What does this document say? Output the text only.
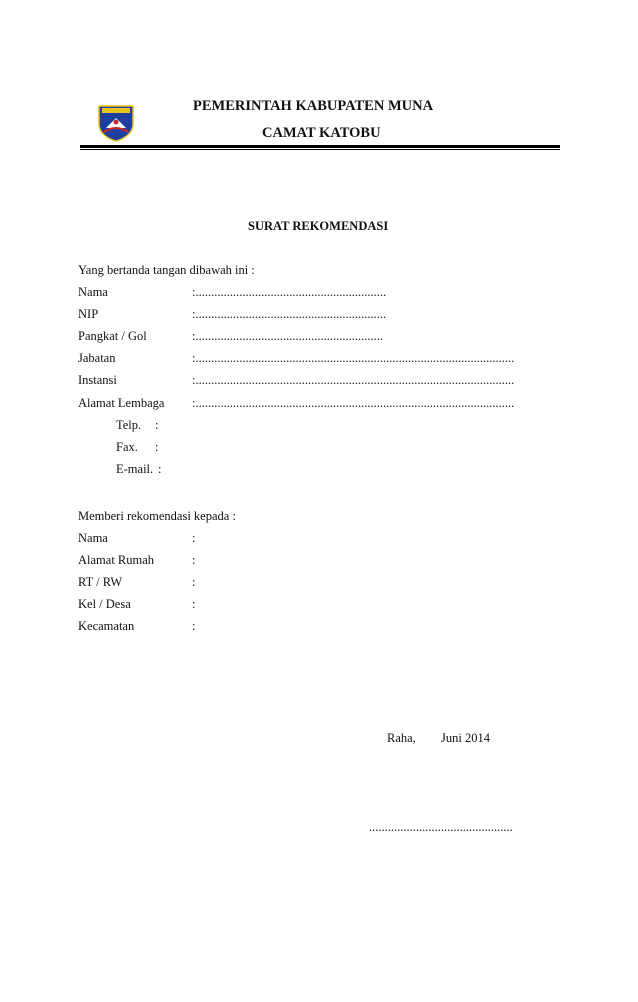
PEMERINTAH KABUPATEN MUNA
CAMAT KATOBU
SURAT REKOMENDASI
Yang bertanda tangan dibawah ini :
Nama	:.............................................................
NIP	:.............................................................
Pangkat / Gol	:............................................................
Jabatan	:......................................................................................................
Instansi	:......................................................................................................
Alamat Lembaga :......................................................................................................
Telp. :
Fax. :
E-mail. :
Memberi rekomendasi kepada :
Nama	:
Alamat Rumah	:
RT / RW	:
Kel / Desa	:
Kecamatan	:
Raha, Juni 2014
..............................................
